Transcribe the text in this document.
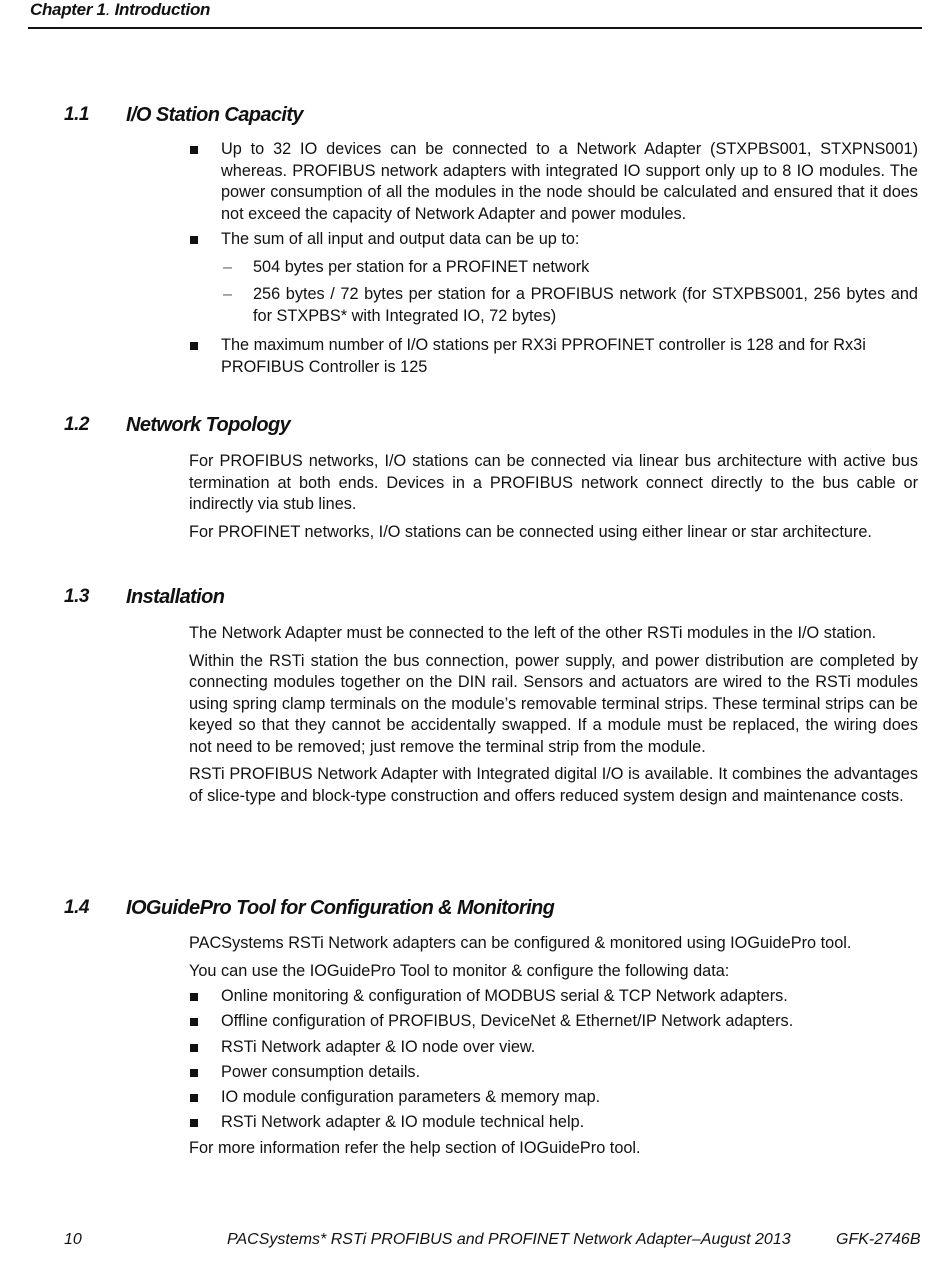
Chapter 1. Introduction
1.1 I/O Station Capacity
Up to 32 IO devices can be connected to a Network Adapter (STXPBS001, STXPNS001) whereas. PROFIBUS network adapters with integrated IO support only up to 8 IO modules. The power consumption of all the modules in the node should be calculated and ensured that it does not exceed the capacity of Network Adapter and power modules.
The sum of all input and output data can be up to:
– 504 bytes per station for a PROFINET network
– 256 bytes / 72 bytes per station for a PROFIBUS network (for STXPBS001, 256 bytes and for STXPBS* with Integrated IO, 72 bytes)
The maximum number of I/O stations per RX3i PPROFINET controller is 128 and for Rx3i PROFIBUS Controller is 125
1.2 Network Topology

For PROFIBUS networks, I/O stations can be connected via linear bus architecture with active bus termination at both ends. Devices in a PROFIBUS network connect directly to the bus cable or indirectly via stub lines.

For PROFINET networks, I/O stations can be connected using either linear or star architecture.

1.3 Installation

The Network Adapter must be connected to the left of the other RSTi modules in the I/O station.

Within the RSTi station the bus connection, power supply, and power distribution are completed by connecting modules together on the DIN rail. Sensors and actuators are wired to the RSTi modules using spring clamp terminals on the module’s removable terminal strips. These terminal strips can be keyed so that they cannot be accidentally swapped. If a module must be replaced, the wiring does not need to be removed; just remove the terminal strip from the module.

RSTi PROFIBUS Network Adapter with Integrated digital I/O is available. It combines the advantages of slice-type and block-type construction and offers reduced system design and maintenance costs.

1.4 IOGuidePro Tool for Configuration & Monitoring

PACSystems RSTi Network adapters can be configured & monitored using IOGuidePro tool.

You can use the IOGuidePro Tool to monitor & configure the following data:

Online monitoring & configuration of MODBUS serial & TCP Network adapters.
Offline configuration of PROFIBUS, DeviceNet & Ethernet/IP Network adapters.
RSTi Network adapter & IO node over view.
Power consumption details.
IO module configuration parameters & memory map.
RSTi Network adapter & IO module technical help.

For more information refer the help section of IOGuidePro tool.

10	PACSystems* RSTi PROFIBUS and PROFINET Network Adapter–August 2013	GFK-2746B
